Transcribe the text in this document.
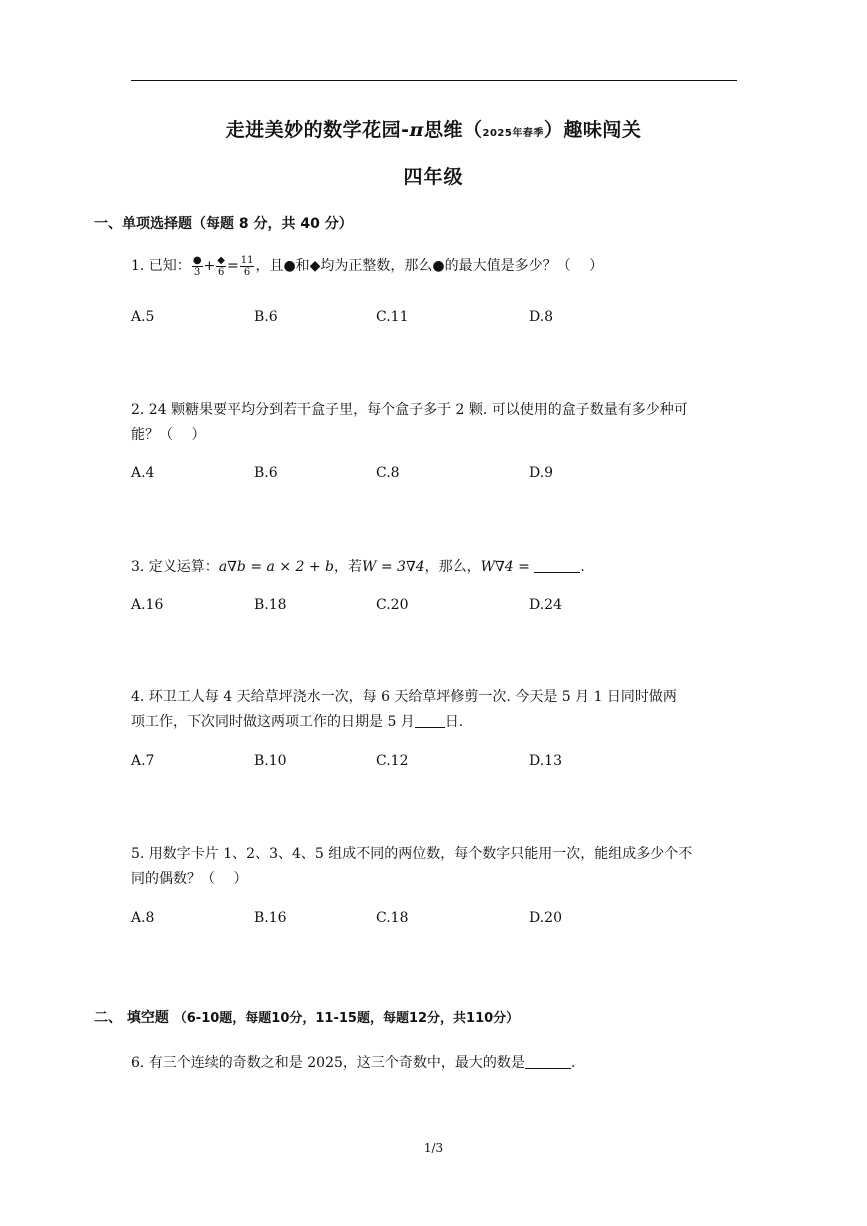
走进美妙的数学花园-π思维（2025年春季）趣味闯关
四年级
一、单项选择题（每题 8 分，共 40 分）
1. 已知： $\frac{●}{3} + \frac{◆}{6} = \frac{11}{6}$ ，且●和◆均为正整数，那么●的最大值是多少？（　 ）
A.5	B.6	C.11	D.8
2. 24 颗糖果要平均分到若干盒子里，每个盒子多于 2 颗. 可以使用的盒子数量有多少种可
能？（　 ）
A.4	B.6	C.8	D.9
3. 定义运算：a∇b = a × 2 + b，若W = 3∇4，那么，W∇4 =	.
A.16	B.18	C.20	D.24
4. 环卫工人每 4 天给草坪浇水一次，每 6 天给草坪修剪一次. 今天是 5 月 1 日同时做两
项工作，下次同时做这两项工作的日期是 5 月 日.
A.7	B.10	C.12	D.13
5. 用数字卡片 1、2、3、4、5 组成不同的两位数，每个数字只能用一次，能组成多少个不
同的偶数？（　 ）
A.8	B.16	C.18	D.20
二、 填空题 （6-10题，每题10分，11-15题，每题12分，共110分）
6. 有三个连续的奇数之和是 2025，这三个奇数中，最大的数是	.
1/3
